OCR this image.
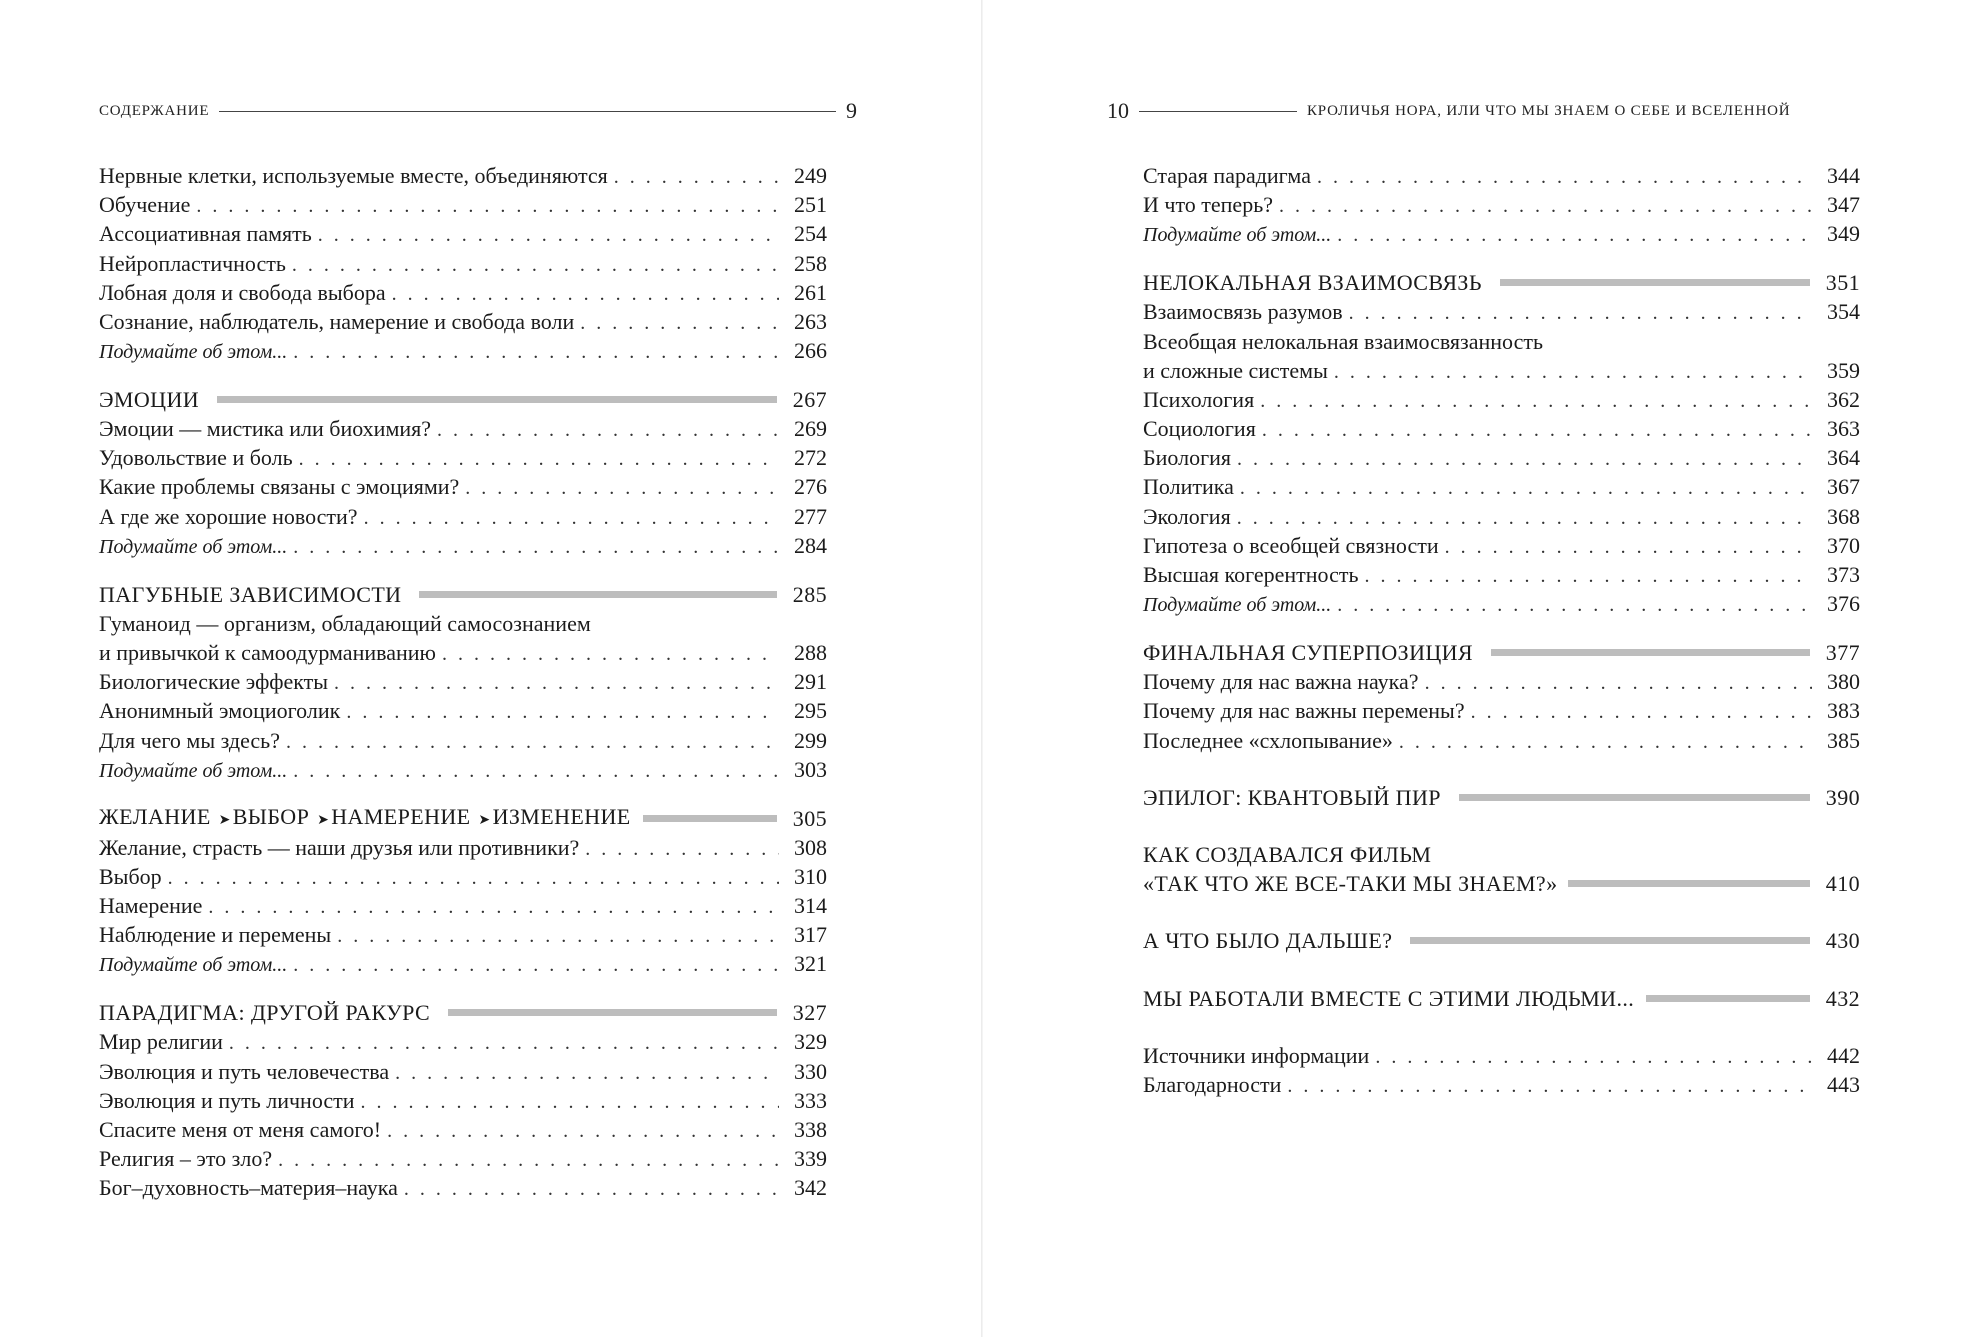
СОДЕРЖАНИЕ	9
Нервные клетки, используемые вместе, объединяются . . .	249
Обучение . . .	251
Ассоциативная память . . .	254
Нейропластичность . . .	258
Лобная доля и свобода выбора . . .	261
Сознание, наблюдатель, намерение и свобода воли . . .	263
Подумайте об этом... . . .	266
ЭМОЦИИ	267
Эмоции — мистика или биохимия? . . .	269
Удовольствие и боль . . .	272
Какие проблемы связаны с эмоциями? . . .	276
А где же хорошие новости? . . .	277
Подумайте об этом... . . .	284
ПАГУБНЫЕ ЗАВИСИМОСТИ	285
Гуманоид — организм, обладающий самосознанием
и привычкой к самоодурманиванию . . .	288
Биологические эффекты . . .	291
Анонимный эмоциоголик . . .	295
Для чего мы здесь? . . .	299
Подумайте об этом... . . .	303
ЖЕЛАНИЕ ➤ВЫБОР ➤НАМЕРЕНИЕ ➤ИЗМЕНЕНИЕ	305
Желание, страсть — наши друзья или противники? . . .	308
Выбор . . .	310
Намерение . . .	314
Наблюдение и перемены . . .	317
Подумайте об этом... . . .	321
ПАРАДИГМА: ДРУГОЙ РАКУРС	327
Мир религии . . .	329
Эволюция и путь человечества . . .	330
Эволюция и путь личности . . .	333
Спасите меня от меня самого! . . .	338
Религия – это зло? . . .	339
Бог–духовность–материя–наука . . .	342
10	КРОЛИЧЬЯ НОРА, ИЛИ ЧТО МЫ ЗНАЕМ О СЕБЕ И ВСЕЛЕННОЙ
Старая парадигма . . .	344
И что теперь? . . .	347
Подумайте об этом... . . .	349
НЕЛОКАЛЬНАЯ ВЗАИМОСВЯЗЬ	351
Взаимосвязь разумов . . .	354
Всеобщая нелокальная взаимосвязанность
и сложные системы . . .	359
Психология . . .	362
Социология . . .	363
Биология . . .	364
Политика . . .	367
Экология . . .	368
Гипотеза о всеобщей связности . . .	370
Высшая когерентность . . .	373
Подумайте об этом... . . .	376
ФИНАЛЬНАЯ СУПЕРПОЗИЦИЯ	377
Почему для нас важна наука? . . .	380
Почему для нас важны перемены? . . .	383
Последнее «схлопывание» . . .	385
ЭПИЛОГ: КВАНТОВЫЙ ПИР	390
КАК СОЗДАВАЛСЯ ФИЛЬМ
«ТАК ЧТО ЖЕ ВСЕ-ТАКИ МЫ ЗНАЕМ?»	410
А ЧТО БЫЛО ДАЛЬШЕ?	430
МЫ РАБОТАЛИ ВМЕСТЕ С ЭТИМИ ЛЮДЬМИ...	432
Источники информации . . .	442
Благодарности . . .	443
